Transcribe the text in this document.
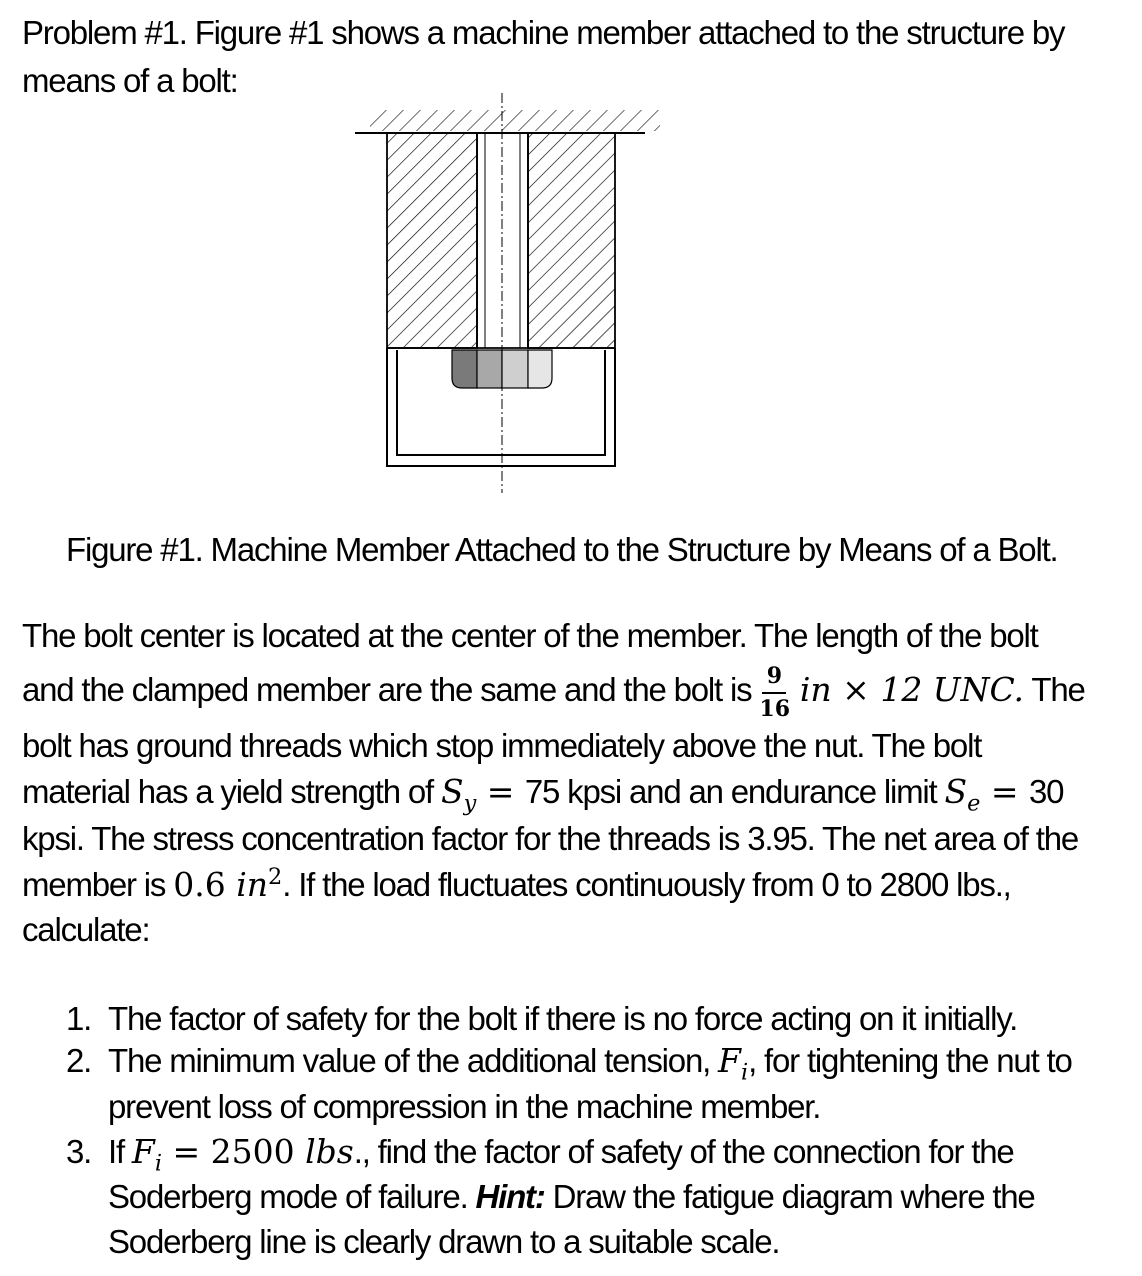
Problem #1. Figure #1 shows a machine member attached to the structure by
means of a bolt:
Figure #1. Machine Member Attached to the Structure by Means of a Bolt.
The bolt center is located at the center of the member. The length of the bolt
and the clamped member are the same and the bolt is $\frac{9}{16}$ in × 12 UNC. The
bolt has ground threads which stop immediately above the nut. The bolt
material has a yield strength of $S_y = 75$ kpsi and an endurance limit $S_e = 30$
kpsi. The stress concentration factor for the threads is 3.95. The net area of the
member is 0.6 $in^2$. If the load fluctuates continuously from 0 to 2800 lbs.,
calculate:
1. The factor of safety for the bolt if there is no force acting on it initially.
2. The minimum value of the additional tension, $F_i$, for tightening the nut to
prevent loss of compression in the machine member.
3. If $F_i = 2500$ lbs., find the factor of safety of the connection for the
Soderberg mode of failure. Hint: Draw the fatigue diagram where the
Soderberg line is clearly drawn to a suitable scale.
